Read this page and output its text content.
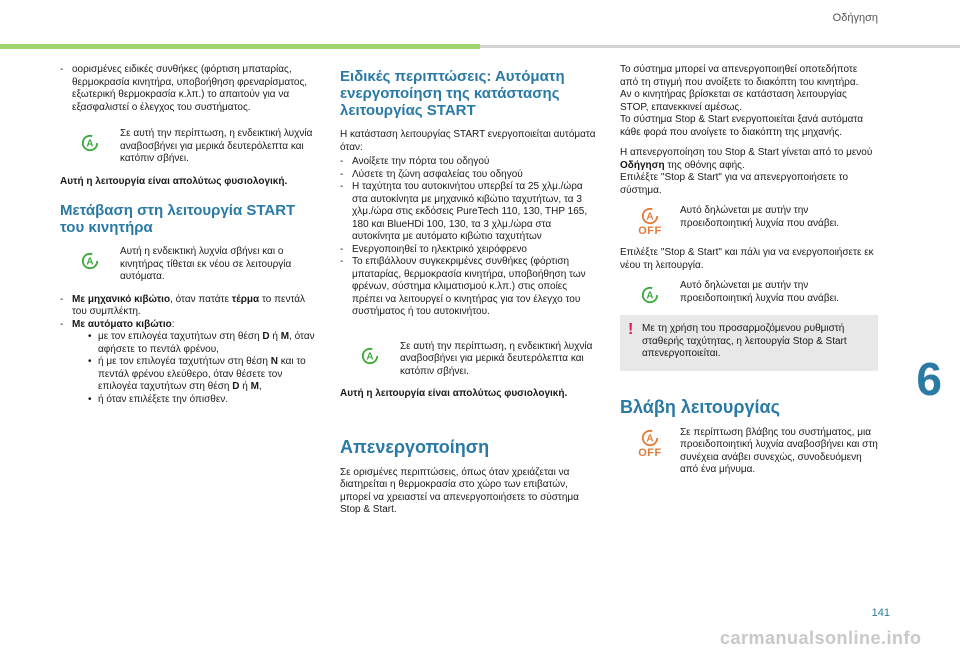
Οδήγηση
- οορισμένες ειδικές συνθήκες (φόρτιση μπαταρίας, θερμοκρασία κινητήρα, υποβοήθηση φρεναρίσματος, εξωτερική θερμοκρασία κ.λπ.) το απαιτούν για να εξασφαλιστεί ο έλεγχος του συστήματος.
A
Σε αυτή την περίπτωση, η ενδεικτική λυχνία αναβοσβήνει για μερικά δευτερόλεπτα και κατόπιν σβήνει.

Αυτή η λειτουργία είναι απολύτως φυσιολογική.

Μετάβαση στη λειτουργία START του κινητήρα
A
Αυτή η ενδεικτική λυχνία σβήνει και ο κινητήρας τίθεται εκ νέου σε λειτουργία αυτόματα.
- Με μηχανικό κιβώτιο, όταν πατάτε τέρμα το πεντάλ του συμπλέκτη.
- Με αυτόματο κιβώτιο:
• με τον επιλογέα ταχυτήτων στη θέση D ή M, όταν αφήσετε το πεντάλ φρένου,
• ή με τον επιλογέα ταχυτήτων στη θέση N και το πεντάλ φρένου ελεύθερο, όταν θέσετε τον επιλογέα ταχυτήτων στη θέση D ή M,
• ή όταν επιλέξετε την όπισθεν.
Ειδικές περιπτώσεις: Αυτόματη ενεργοποίηση της κατάστασης λειτουργίας START

Η κατάσταση λειτουργίας START ενεργοποιείται αυτόματα όταν:

- Ανοίξετε την πόρτα του οδηγού
- Λύσετε τη ζώνη ασφαλείας του οδηγού
- Η ταχύτητα του αυτοκινήτου υπερβεί τα 25 χλμ./ώρα στα αυτοκίνητα με μηχανικό κιβώτιο ταχυτήτων, τα 3 χλμ./ώρα στις εκδόσεις PureTech 110, 130, THP 165, 180 και BlueHDi 100, 130, τα 3 χλμ./ώρα στα αυτοκίνητα με αυτόματο κιβώτιο ταχυτήτων
- Ενεργοποιηθεί το ηλεκτρικό χειρόφρενο
- Το επιβάλλουν συγκεκριμένες συνθήκες (φόρτιση μπαταρίας, θερμοκρασία κινητήρα, υποβοήθηση των φρένων, σύστημα κλιματισμού κ.λπ.) στις οποίες πρέπει να λειτουργεί ο κινητήρας για τον έλεγχο του συστήματος ή του αυτοκινήτου.
A
Σε αυτή την περίπτωση, η ενδεικτική λυχνία αναβοσβήνει για μερικά δευτερόλεπτα και κατόπιν σβήνει.

Αυτή η λειτουργία είναι απολύτως φυσιολογική.

Απενεργοποίηση

Σε ορισμένες περιπτώσεις, όπως όταν χρειάζεται να διατηρείται η θερμοκρασία στο χώρο των επιβατών, μπορεί να χρειαστεί να απενεργοποιήσετε το σύστημα Stop & Start.

Το σύστημα μπορεί να απενεργοποιηθεί οποτεδήποτε από τη στιγμή που ανοίξετε το διακόπτη του κινητήρα.

Αν ο κινητήρας βρίσκεται σε κατάσταση λειτουργίας STOP, επανεκκινεί αμέσως.

Το σύστημα Stop & Start ενεργοποιείται ξανά αυτόματα κάθε φορά που ανοίγετε το διακόπτη της μηχανής.

Η απενεργοποίηση του Stop & Start γίνεται από το μενού Οδήγηση της οθόνης αφής.

Επιλέξτε "Stop & Start" για να απενεργοποιήσετε το σύστημα.

A
OFF
Αυτό δηλώνεται με αυτήν την προειδοποιητική λυχνία που ανάβει.

Επιλέξτε "Stop & Start" και πάλι για να ενεργοποιήσετε εκ νέου τη λειτουργία.

A
Αυτό δηλώνεται με αυτήν την προειδοποιητική λυχνία που ανάβει.
! Με τη χρήση του προσαρμοζόμενου ρυθμιστή σταθερής ταχύτητας, η λειτουργία Stop & Start απενεργοποιείται.
Βλάβη λειτουργίας
A
OFF
Σε περίπτωση βλάβης του συστήματος, μια προειδοποιητική λυχνία αναβοσβήνει και στη συνέχεια ανάβει συνεχώς, συνοδευόμενη από ένα μήνυμα.
6
141
carmanualsonline.info
